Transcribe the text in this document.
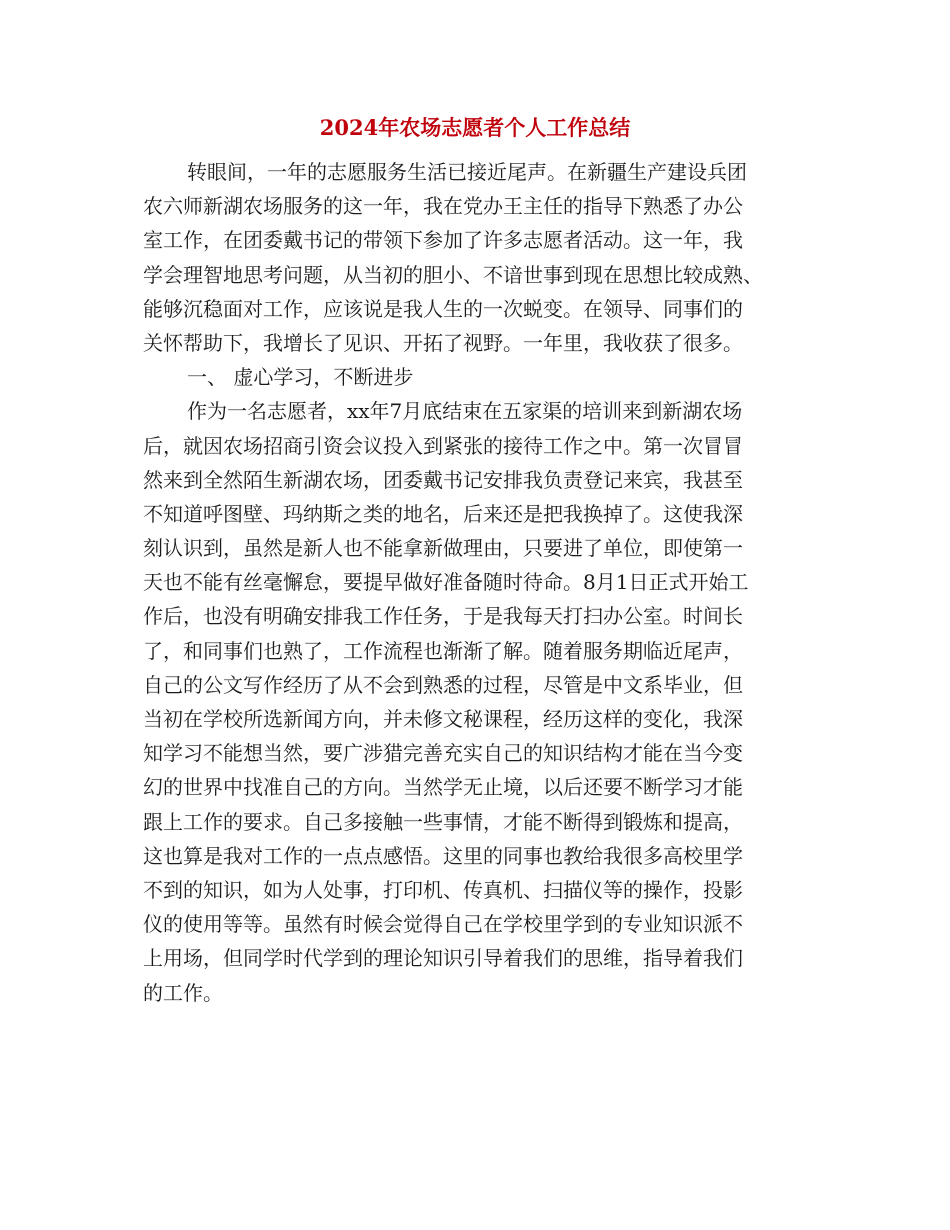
2024年农场志愿者个人工作总结
转眼间，一年的志愿服务生活已接近尾声。在新疆生产建设兵团
农六师新湖农场服务的这一年，我在党办王主任的指导下熟悉了办公
室工作，在团委戴书记的带领下参加了许多志愿者活动。这一年，我
学会理智地思考问题，从当初的胆小、不谙世事到现在思想比较成熟、
能够沉稳面对工作，应该说是我人生的一次蜕变。在领导、同事们的
关怀帮助下，我增长了见识、开拓了视野。一年里，我收获了很多。
一、 虚心学习，不断进步
作为一名志愿者，xx年7月底结束在五家渠的培训来到新湖农场
后，就因农场招商引资会议投入到紧张的接待工作之中。第一次冒冒
然来到全然陌生新湖农场，团委戴书记安排我负责登记来宾，我甚至
不知道呼图壁、玛纳斯之类的地名，后来还是把我换掉了。这使我深
刻认识到，虽然是新人也不能拿新做理由，只要进了单位，即使第一
天也不能有丝毫懈怠，要提早做好准备随时待命。8月1日正式开始工
作后，也没有明确安排我工作任务，于是我每天打扫办公室。时间长
了，和同事们也熟了，工作流程也渐渐了解。随着服务期临近尾声，
自己的公文写作经历了从不会到熟悉的过程，尽管是中文系毕业，但
当初在学校所选新闻方向，并未修文秘课程，经历这样的变化，我深
知学习不能想当然，要广涉猎完善充实自己的知识结构才能在当今变
幻的世界中找准自己的方向。当然学无止境，以后还要不断学习才能
跟上工作的要求。自己多接触一些事情，才能不断得到锻炼和提高，
这也算是我对工作的一点点感悟。这里的同事也教给我很多高校里学
不到的知识，如为人处事，打印机、传真机、扫描仪等的操作，投影
仪的使用等等。虽然有时候会觉得自己在学校里学到的专业知识派不
上用场，但同学时代学到的理论知识引导着我们的思维，指导着我们
的工作。
